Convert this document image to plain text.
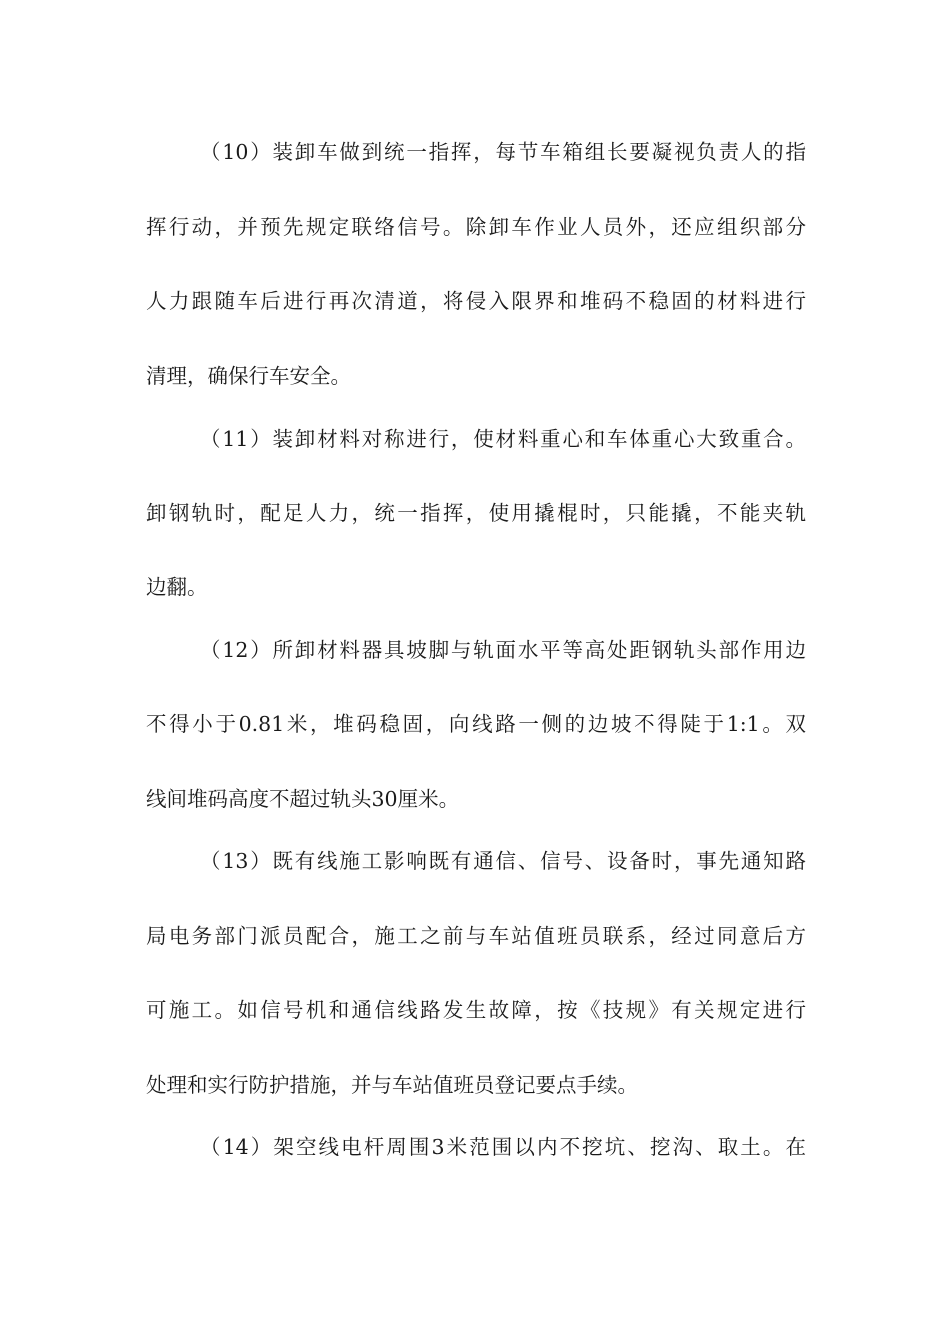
（10）装卸车做到统一指挥，每节车箱组长要凝视负责人的指
挥行动，并预先规定联络信号。除卸车作业人员外，还应组织部分
人力跟随车后进行再次清道，将侵入限界和堆码不稳固的材料进行
清理，确保行车安全。
（11）装卸材料对称进行，使材料重心和车体重心大致重合。
卸钢轨时，配足人力，统一指挥，使用撬棍时，只能撬，不能夹轨
边翻。
（12）所卸材料器具坡脚与轨面水平等高处距钢轨头部作用边
不得小于0.81米，堆码稳固，向线路一侧的边坡不得陡于1:1。双
线间堆码高度不超过轨头30厘米。
（13）既有线施工影响既有通信、信号、设备时，事先通知路
局电务部门派员配合，施工之前与车站值班员联系，经过同意后方
可施工。如信号机和通信线路发生故障，按《技规》有关规定进行
处理和实行防护措施，并与车站值班员登记要点手续。
（14）架空线电杆周围3米范围以内不挖坑、挖沟、取土。在
